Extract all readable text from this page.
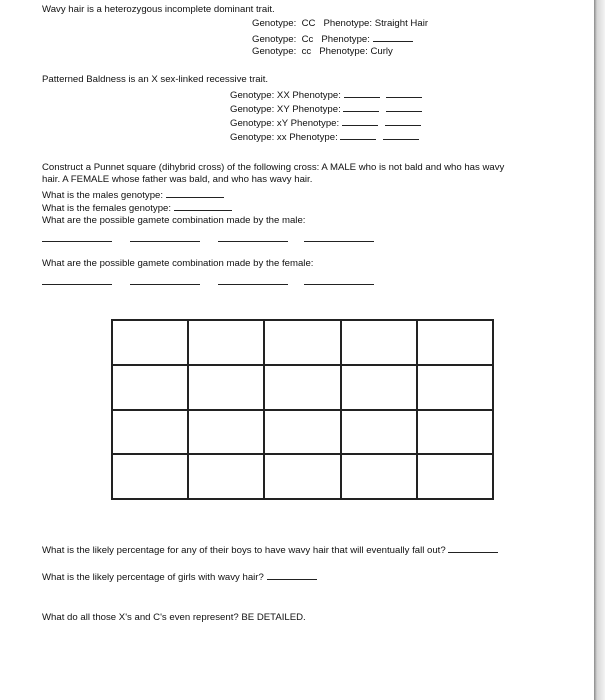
Wavy hair is a heterozygous incomplete dominant trait.
Genotype: CC Phenotype: Straight Hair
Genotype: Cc Phenotype:
Genotype: cc Phenotype: Curly
Patterned Baldness is an X sex-linked recessive trait.
Genotype: XX Phenotype:
Genotype: XY Phenotype:
Genotype: xY Phenotype:
Genotype: xx Phenotype:
Construct a Punnet square (dihybrid cross) of the following cross: A MALE who is not bald and who has wavy
hair. A FEMALE whose father was bald, and who has wavy hair.
What is the males genotype:
What is the females genotype:
What are the possible gamete combination made by the male:
What are the possible gamete combination made by the female:
What is the likely percentage for any of their boys to have wavy hair that will eventually fall out?
What is the likely percentage of girls with wavy hair?
What do all those X's and C's even represent? BE DETAILED.
